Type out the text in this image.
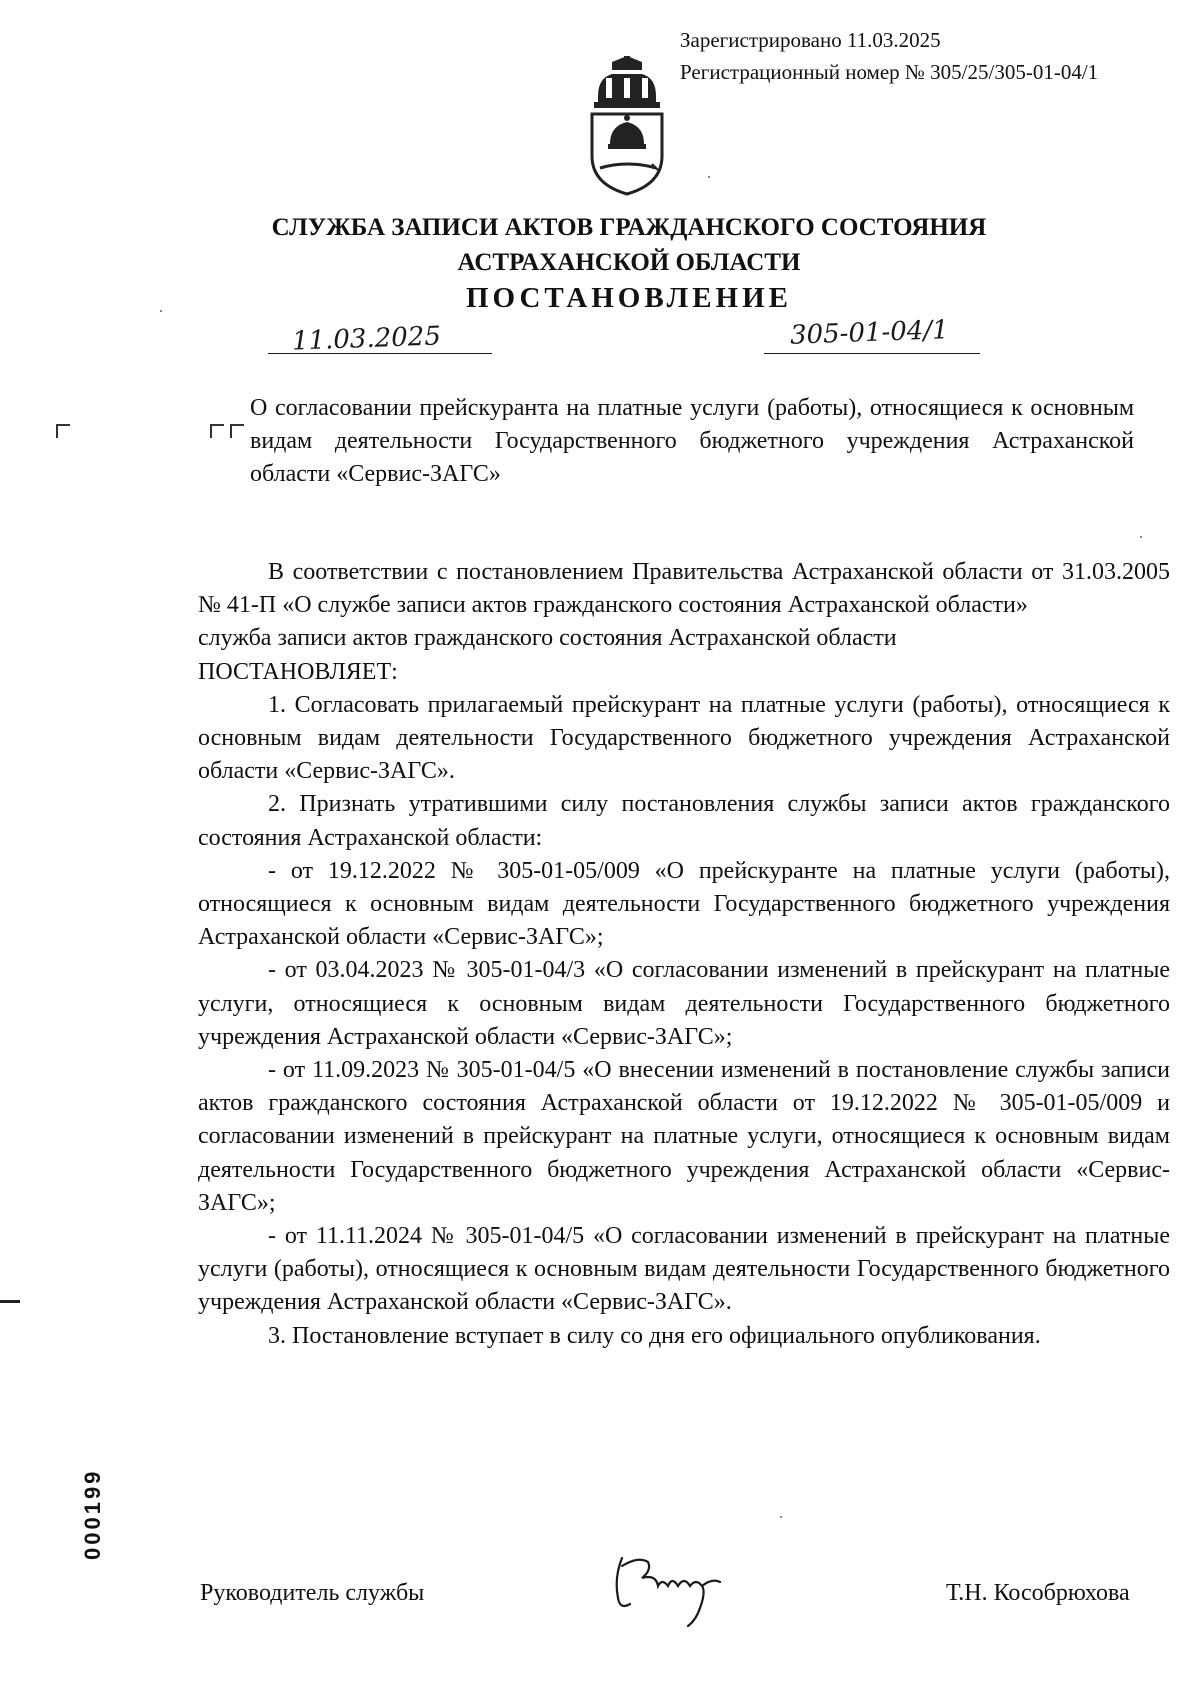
Зарегистрировано 11.03.2025
Регистрационный номер № 305/25/305-01-04/1
СЛУЖБА ЗАПИСИ АКТОВ ГРАЖДАНСКОГО СОСТОЯНИЯ
АСТРАХАНСКОЙ ОБЛАСТИ
ПОСТАНОВЛЕНИЕ
11.03.2025	305-01-04/1
О согласовании прейскуранта на платные услуги (работы), относящиеся к основным видам деятельности Государственного бюджетного учреждения Астраханской области «Сервис-ЗАГС»

В соответствии с постановлением Правительства Астраханской области от 31.03.2005 № 41-П «О службе записи актов гражданского состояния Астраханской области»

служба записи актов гражданского состояния Астраханской области

ПОСТАНОВЛЯЕТ:

1. Согласовать прилагаемый прейскурант на платные услуги (работы), относящиеся к основным видам деятельности Государственного бюджетного учреждения Астраханской области «Сервис-ЗАГС».

2. Признать утратившими силу постановления службы записи актов гражданского состояния Астраханской области:

- от 19.12.2022 № 305-01-05/009 «О прейскуранте на платные услуги (работы), относящиеся к основным видам деятельности Государственного бюджетного учреждения Астраханской области «Сервис-ЗАГС»;

- от 03.04.2023 № 305-01-04/3 «О согласовании изменений в прейскурант на платные услуги, относящиеся к основным видам деятельности Государственного бюджетного учреждения Астраханской области «Сервис-ЗАГС»;

- от 11.09.2023 № 305-01-04/5 «О внесении изменений в постановление службы записи актов гражданского состояния Астраханской области от 19.12.2022 № 305-01-05/009 и согласовании изменений в прейскурант на платные услуги, относящиеся к основным видам деятельности Государственного бюджетного учреждения Астраханской области «Сервис-ЗАГС»;

- от 11.11.2024 № 305-01-04/5 «О согласовании изменений в прейскурант на платные услуги (работы), относящиеся к основным видам деятельности Государственного бюджетного учреждения Астраханской области «Сервис-ЗАГС».

3. Постановление вступает в силу со дня его официального опубликования.

000199
Руководитель службы	Т.Н. Кособрюхова
